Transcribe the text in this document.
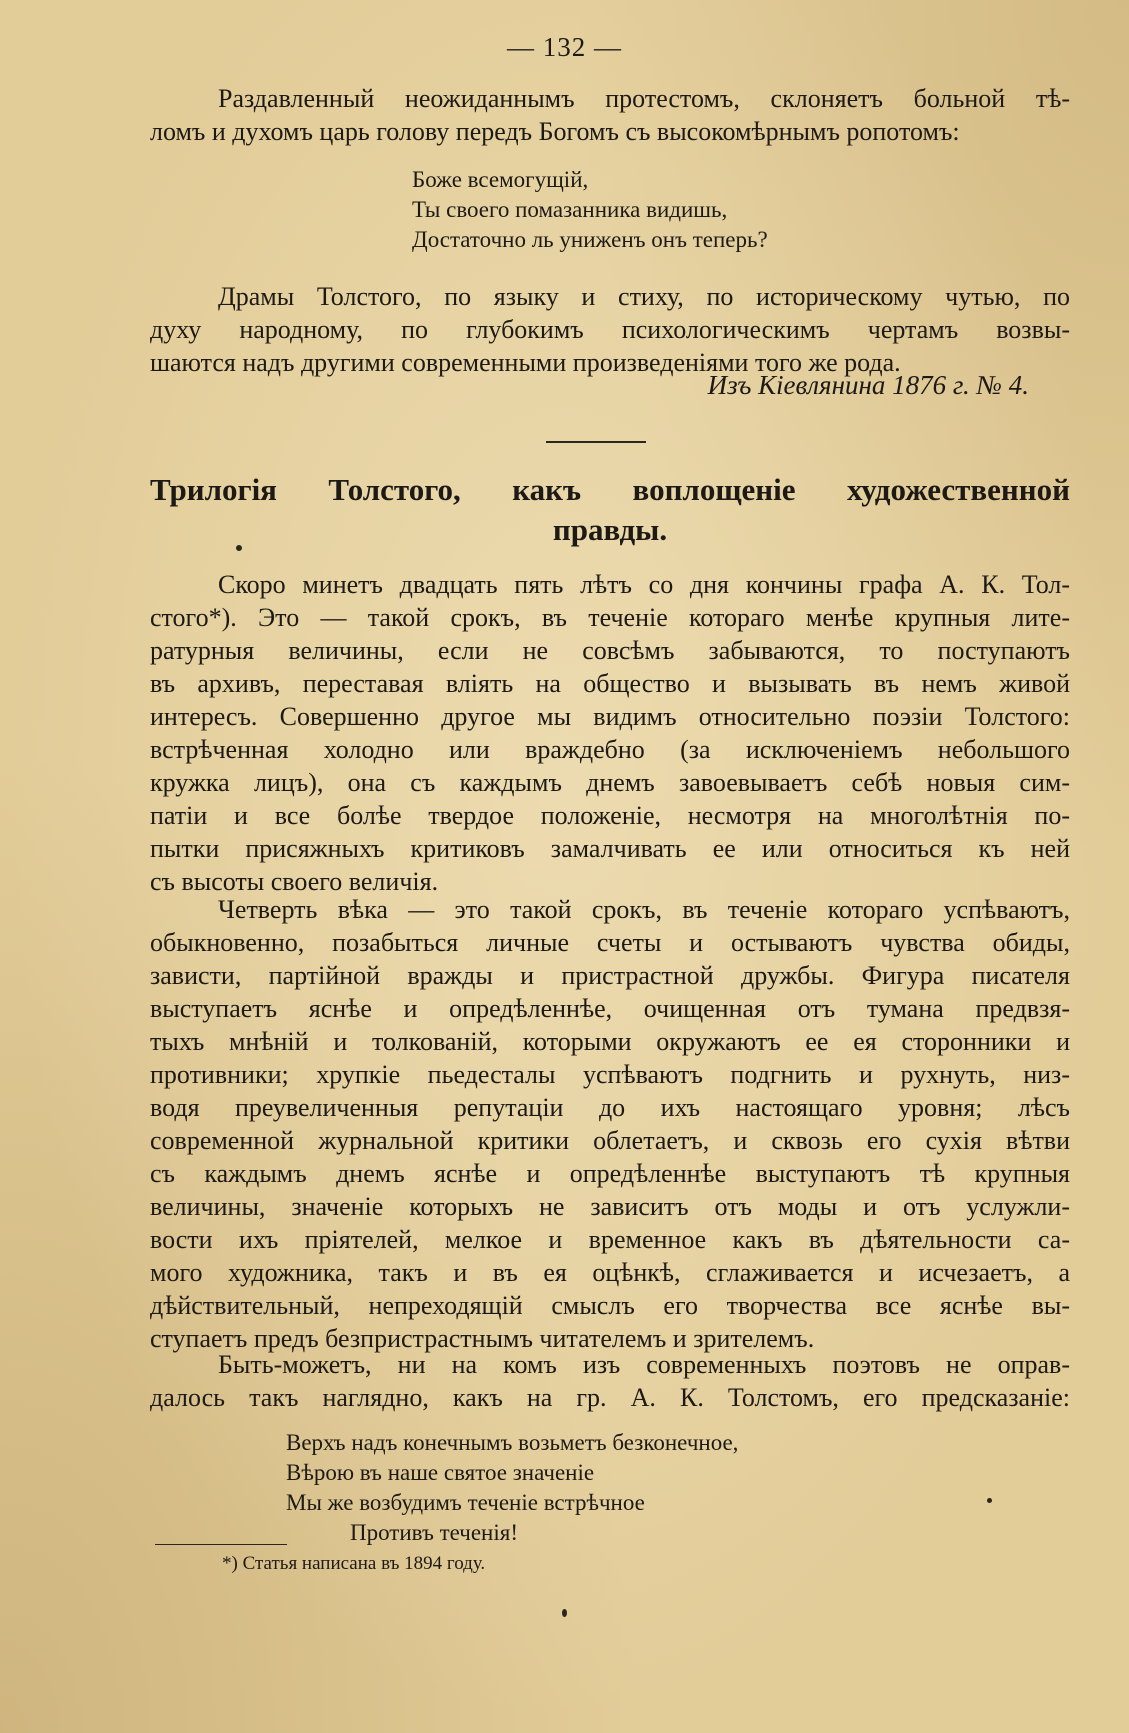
— 132 —
Раздавленный неожиданнымъ протестомъ, склоняетъ больной тѣ-
ломъ и духомъ царь голову передъ Богомъ съ высокомѣрнымъ ропотомъ:
Боже всемогущій,
Ты своего помазанника видишь,
Достаточно ль униженъ онъ теперь?
Драмы Толстого, по языку и стиху, по историческому чутью, по
духу народному, по глубокимъ психологическимъ чертамъ возвы-
шаются надъ другими современными произведеніями того же рода.
Изъ Кіевлянина 1876 г. № 4.
Трилогія Толстого, какъ воплощеніе художественной
правды.
Скоро минетъ двадцать пять лѣтъ со дня кончины графа А. К. Тол-
стого*). Это — такой срокъ, въ теченіе котораго менѣе крупныя лите-
ратурныя величины, если не совсѣмъ забываются, то поступаютъ
въ архивъ, переставая вліять на общество и вызывать въ немъ живой
интересъ. Совершенно другое мы видимъ относительно поэзіи Толстого:
встрѣченная холодно или враждебно (за исключеніемъ небольшого
кружка лицъ), она съ каждымъ днемъ завоевываетъ себѣ новыя сим-
патіи и все болѣе твердое положеніе, несмотря на многолѣтнія по-
пытки присяжныхъ критиковъ замалчивать ее или относиться къ ней
съ высоты своего величія.
Четверть вѣка — это такой срокъ, въ теченіе котораго успѣваютъ,
обыкновенно, позабыться личные счеты и остываютъ чувства обиды,
зависти, партійной вражды и пристрастной дружбы. Фигура писателя
выступаетъ яснѣе и опредѣленнѣе, очищенная отъ тумана предвзя-
тыхъ мнѣній и толкованій, которыми окружаютъ ее ея сторонники и
противники; хрупкіе пьедесталы успѣваютъ подгнить и рухнуть, низ-
водя преувеличенныя репутаціи до ихъ настоящаго уровня; лѣсъ
современной журнальной критики облетаетъ, и сквозь его сухія вѣтви
съ каждымъ днемъ яснѣе и опредѣленнѣе выступаютъ тѣ крупныя
величины, значеніе которыхъ не зависитъ отъ моды и отъ услужли-
вости ихъ пріятелей, мелкое и временное какъ въ дѣятельности са-
мого художника, такъ и въ ея оцѣнкѣ, сглаживается и исчезаетъ, а
дѣйствительный, непреходящій смыслъ его творчества все яснѣе вы-
ступаетъ предъ безпристрастнымъ читателемъ и зрителемъ.
Быть-можетъ, ни на комъ изъ современныхъ поэтовъ не оправ-
далось такъ наглядно, какъ на гр. А. К. Толстомъ, его предсказаніе:
Верхъ надъ конечнымъ возьметъ безконечное,
Вѣрою въ наше святое значеніе
Мы же возбудимъ теченіе встрѣчное
Противъ теченія!
*) Статья написана въ 1894 году.
